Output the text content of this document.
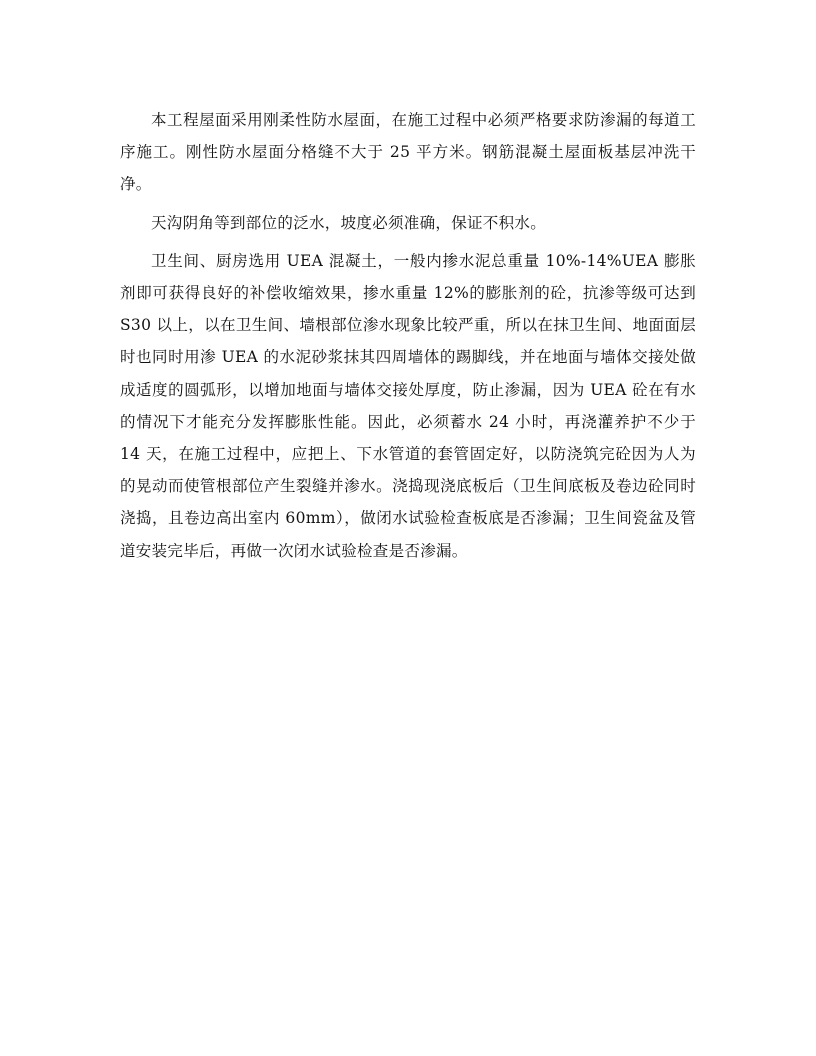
本工程屋面采用刚柔性防水屋面，在施工过程中必须严格要求防渗漏的每道工序施工。刚性防水屋面分格缝不大于 25 平方米。钢筋混凝土屋面板基层冲洗干净。

天沟阴角等到部位的泛水，坡度必须准确，保证不积水。

卫生间、厨房选用 UEA 混凝土，一般内掺水泥总重量 10%-14%UEA 膨胀剂即可获得良好的补偿收缩效果，掺水重量 12%的膨胀剂的砼，抗渗等级可达到 S30 以上，以在卫生间、墙根部位渗水现象比较严重，所以在抹卫生间、地面面层时也同时用渗 UEA 的水泥砂浆抹其四周墙体的踢脚线，并在地面与墙体交接处做成适度的圆弧形，以增加地面与墙体交接处厚度，防止渗漏，因为 UEA 砼在有水的情况下才能充分发挥膨胀性能。因此，必须蓄水 24 小时，再浇灌养护不少于 14 天，在施工过程中，应把上、下水管道的套管固定好，以防浇筑完砼因为人为的晃动而使管根部位产生裂缝并渗水。浇捣现浇底板后（卫生间底板及卷边砼同时浇捣，且卷边高出室内 60mm），做闭水试验检查板底是否渗漏；卫生间瓷盆及管道安装完毕后，再做一次闭水试验检查是否渗漏。
